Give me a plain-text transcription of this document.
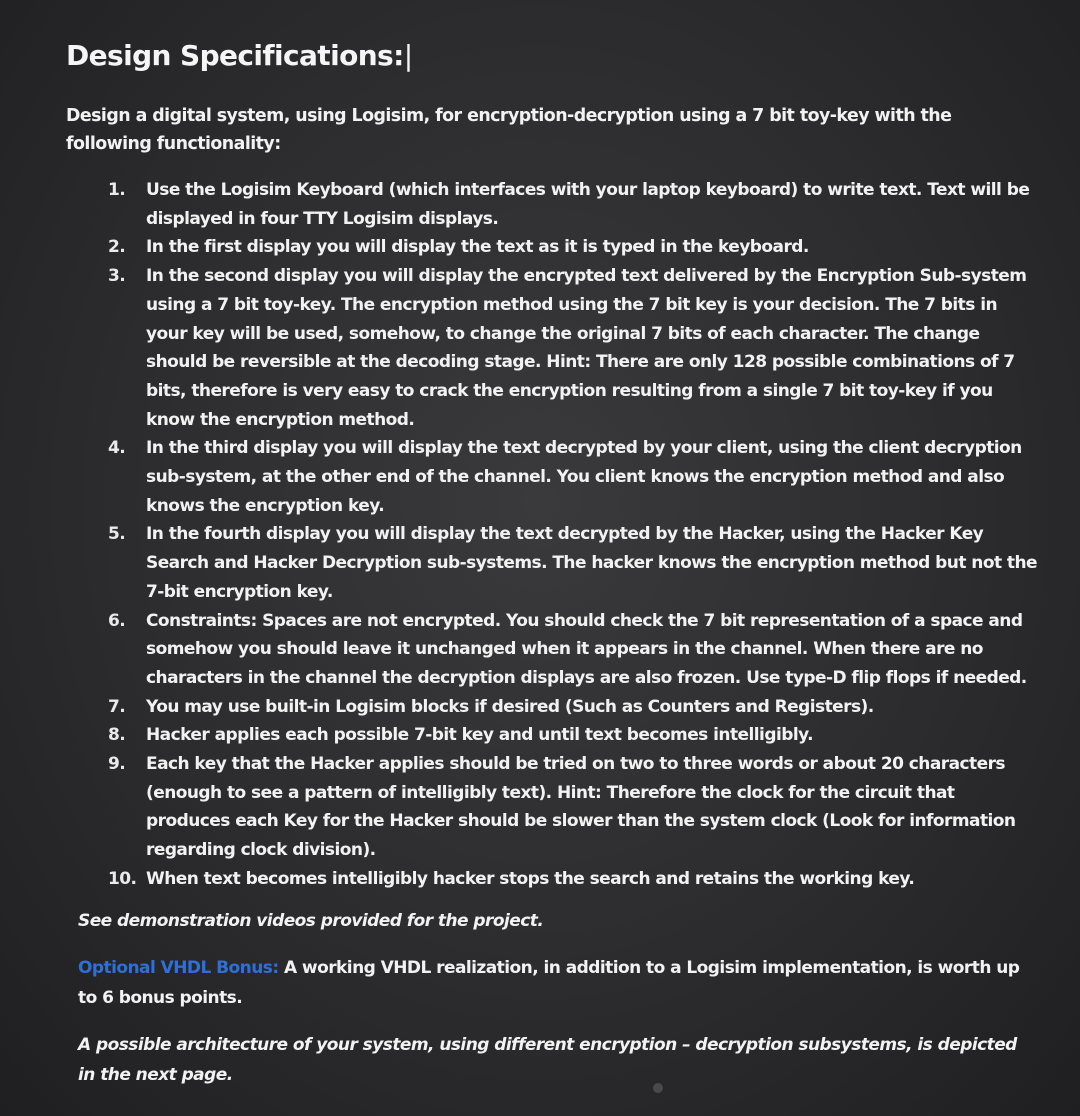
Design Specifications:|

Design a digital system, using Logisim, for encryption-decryption using a 7 bit toy-key with the following functionality:

1.	Use the Logisim Keyboard (which interfaces with your laptop keyboard) to write text. Text will be displayed in four TTY Logisim displays.
2.	In the first display you will display the text as it is typed in the keyboard.
3.	In the second display you will display the encrypted text delivered by the Encryption Sub-system using a 7 bit toy-key. The encryption method using the 7 bit key is your decision. The 7 bits in your key will be used, somehow, to change the original 7 bits of each character. The change should be reversible at the decoding stage. Hint: There are only 128 possible combinations of 7 bits, therefore is very easy to crack the encryption resulting from a single 7 bit toy-key if you know the encryption method.
4.	In the third display you will display the text decrypted by your client, using the client decryption sub-system, at the other end of the channel. You client knows the encryption method and also knows the encryption key.
5.	In the fourth display you will display the text decrypted by the Hacker, using the Hacker Key Search and Hacker Decryption sub-systems. The hacker knows the encryption method but not the 7-bit encryption key.
6.	Constraints: Spaces are not encrypted. You should check the 7 bit representation of a space and somehow you should leave it unchanged when it appears in the channel. When there are no characters in the channel the decryption displays are also frozen. Use type-D flip flops if needed.
7.	You may use built-in Logisim blocks if desired (Such as Counters and Registers).
8.	Hacker applies each possible 7-bit key and until text becomes intelligibly.
9.	Each key that the Hacker applies should be tried on two to three words or about 20 characters (enough to see a pattern of intelligibly text). Hint: Therefore the clock for the circuit that produces each Key for the Hacker should be slower than the system clock (Look for information regarding clock division).
10. When text becomes intelligibly hacker stops the search and retains the working key.

See demonstration videos provided for the project.

Optional VHDL Bonus: A working VHDL realization, in addition to a Logisim implementation, is worth up to 6 bonus points.

A possible architecture of your system, using different encryption – decryption subsystems, is depicted in the next page.
